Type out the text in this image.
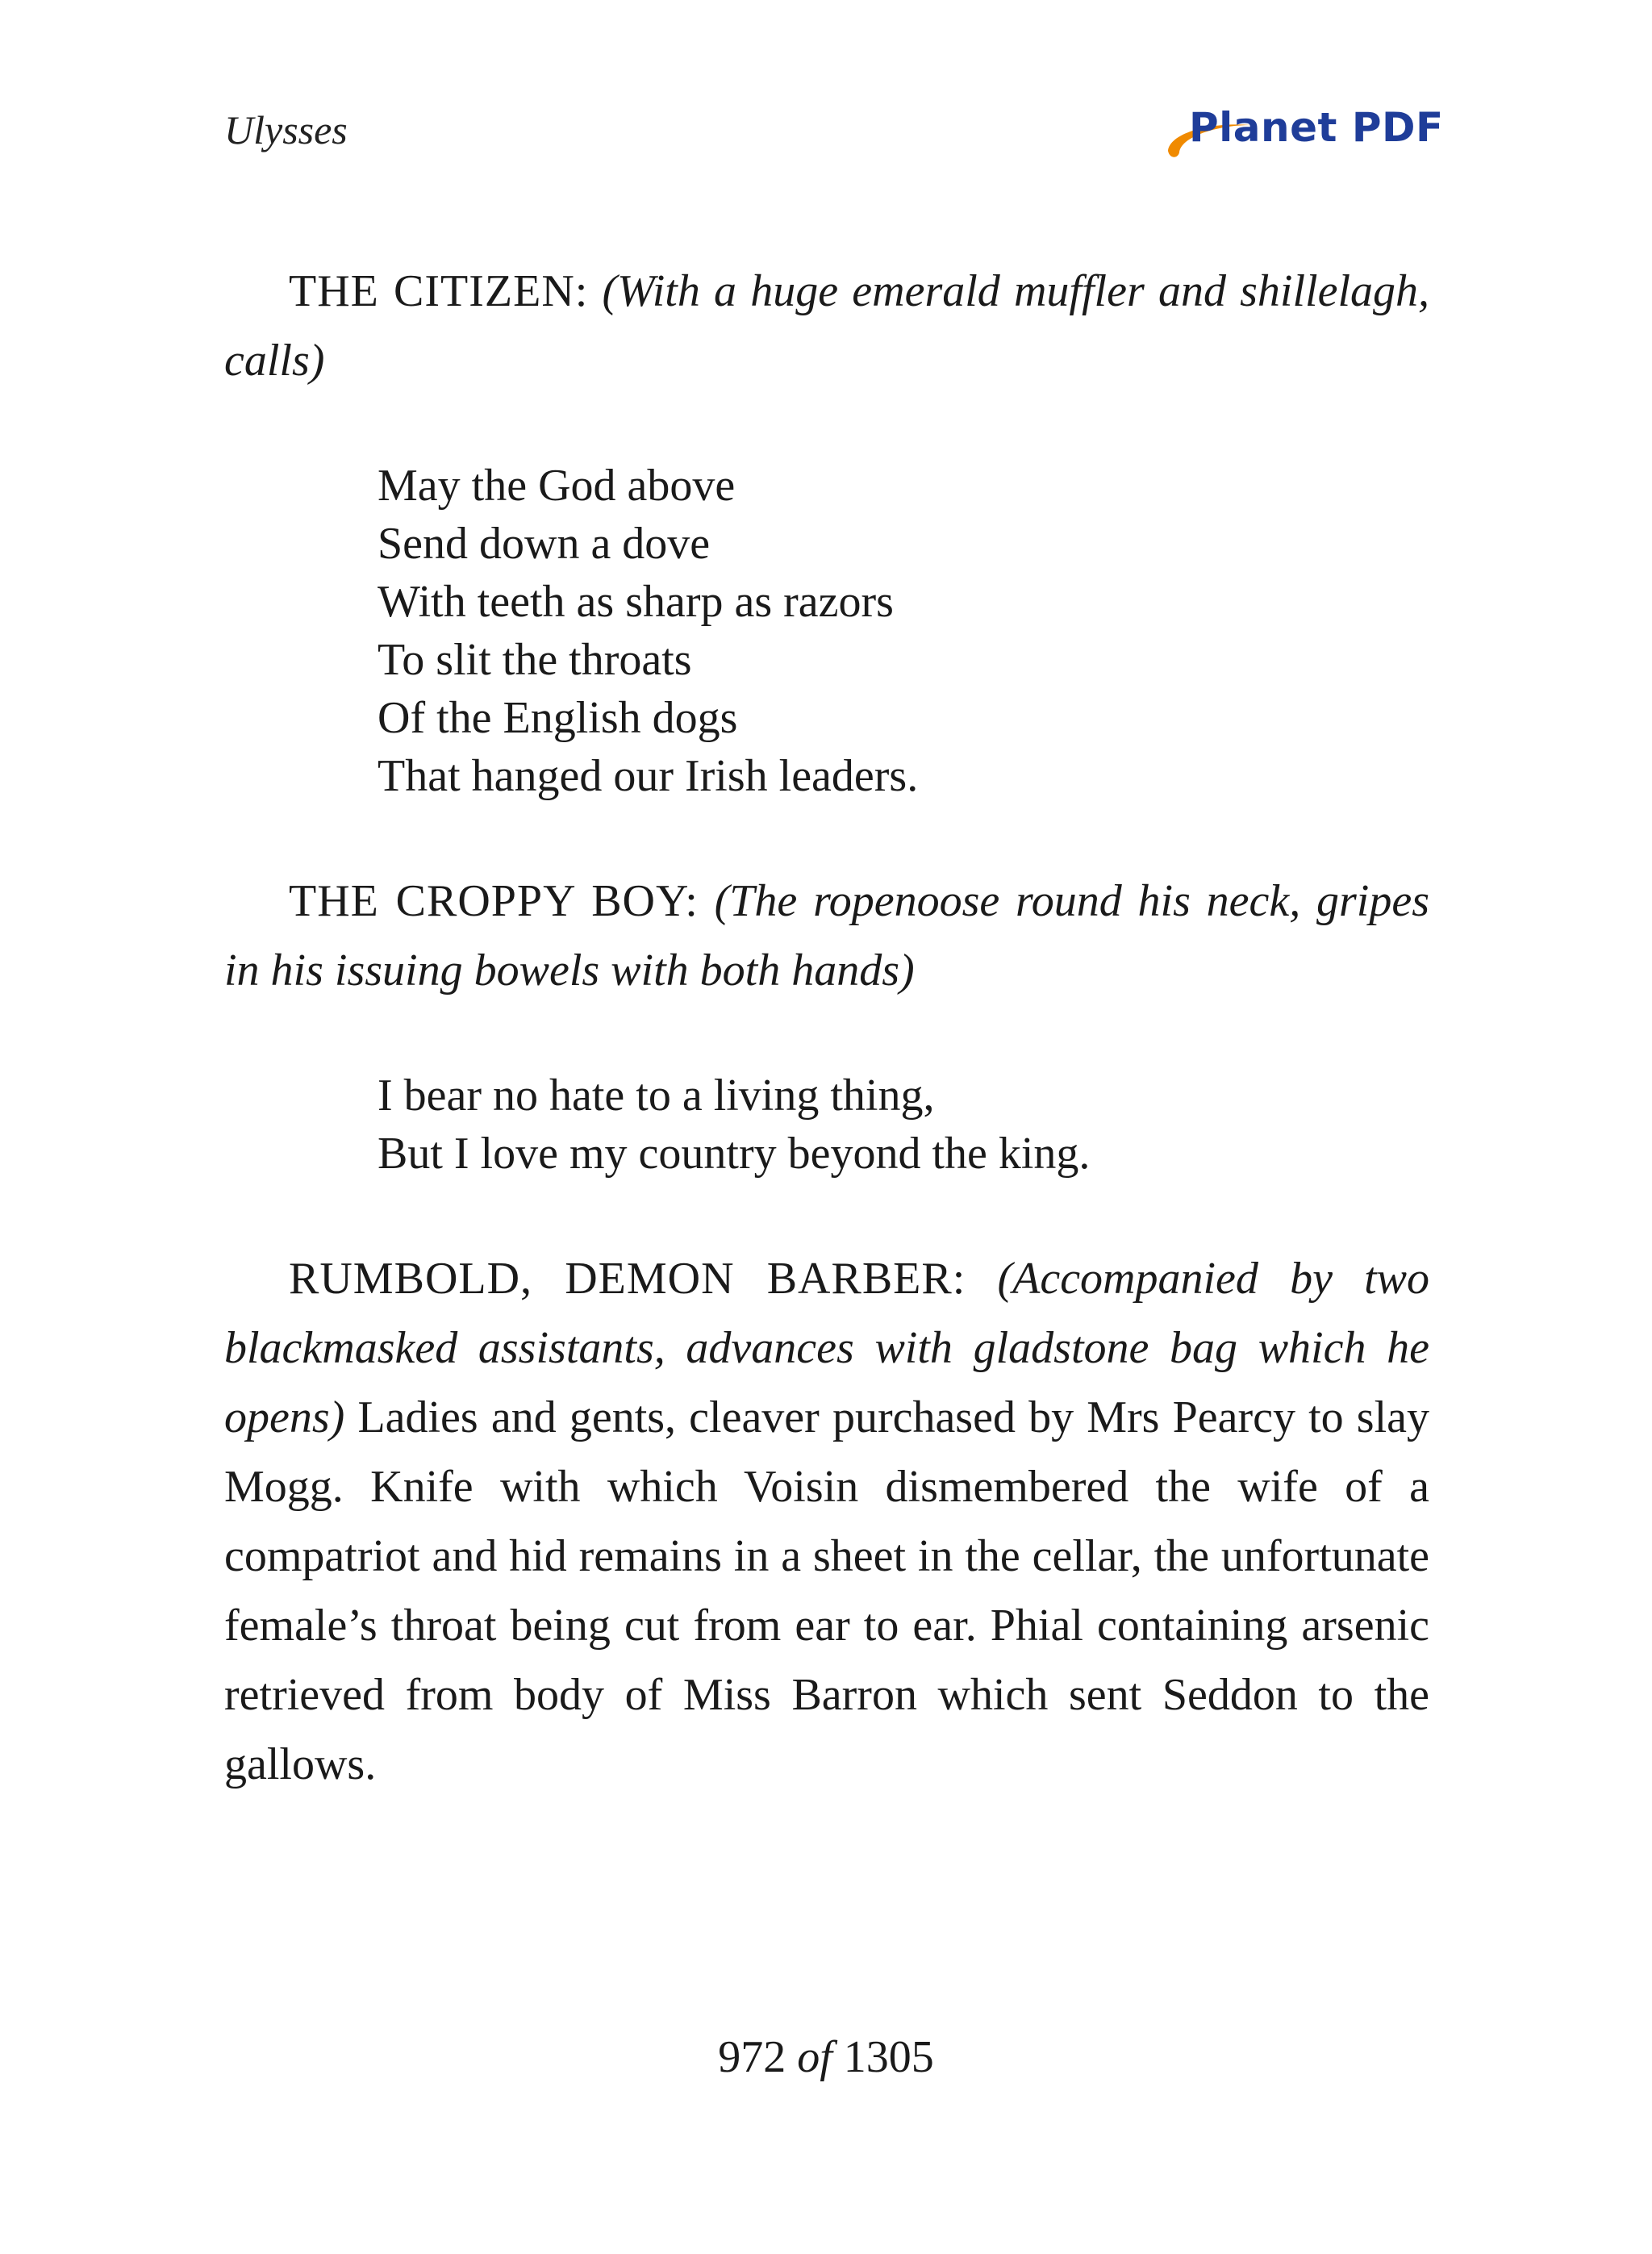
Ulysses	Planet PDF

THE CITIZEN: (With a huge emerald muffler and shillelagh, calls)

May the God above
Send down a dove
With teeth as sharp as razors
To slit the throats
Of the English dogs
That hanged our Irish leaders.

THE CROPPY BOY: (The ropenoose round his neck, gripes in his issuing bowels with both hands)

I bear no hate to a living thing,
But I love my country beyond the king.

RUMBOLD, DEMON BARBER: (Accompanied by two blackmasked assistants, advances with gladstone bag which he opens) Ladies and gents, cleaver purchased by Mrs Pearcy to slay Mogg. Knife with which Voisin dismembered the wife of a compatriot and hid remains in a sheet in the cellar, the unfortunate female’s throat being cut from ear to ear. Phial containing arsenic retrieved from body of Miss Barron which sent Seddon to the gallows.

972 of 1305
